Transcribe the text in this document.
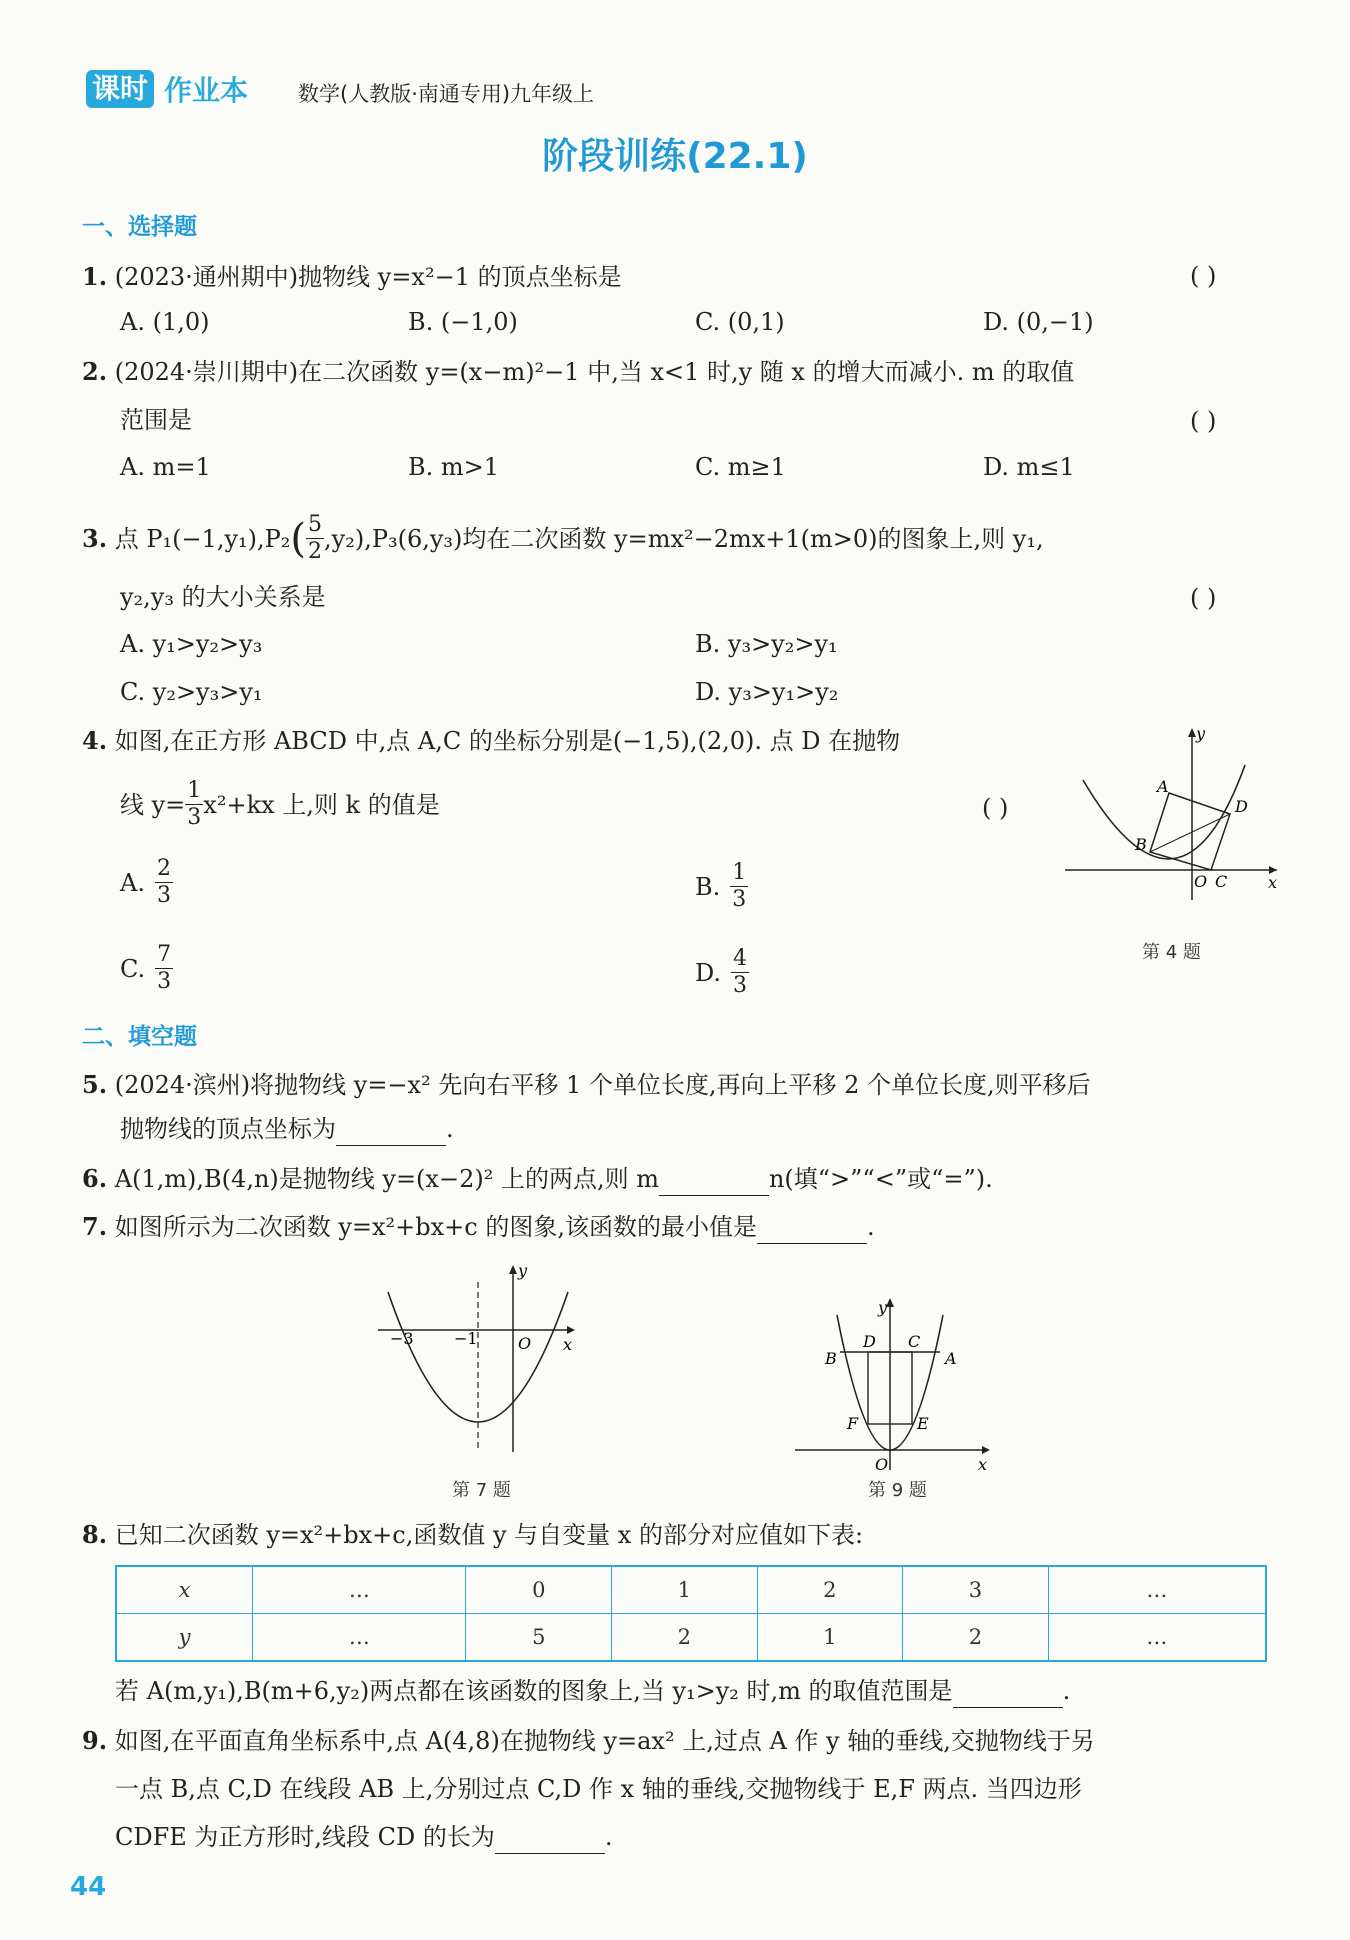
课时 作业本 数学(人教版·南通专用)九年级上
阶段训练(22.1)
一、选择题
1. (2023·通州期中)抛物线 y=x²−1 的顶点坐标是	( )
A. (1,0)	B. (−1,0)	C. (0,1)	D. (0,−1)
2. (2024·崇川期中)在二次函数 y=(x−m)²−1 中,当 x<1 时,y 随 x 的增大而减小. m 的取值
范围是	( )
A. m=1	B. m>1	C. m≥1	D. m≤1
3.
点 P₁(−1,y₁),P₂ ( $\frac{5}{2} ,y_2),P_3(6,y_3)$均在二次函数 y=mx²−2mx+1(m>0)的图象上,则 y₁,
y₂,y₃ 的大小关系是	( )
A. y₁>y₂>y₃	B. y₃>y₂>y₁
C. y₂>y₃>y₁	D. y₃>y₁>y₂
4. 如图,在正方形 ABCD 中,点 A,C 的坐标分别是(−1,5),(2,0). 点 D 在抛物
线 $y= \frac{1}{3} x^2+kx$ 上,则 k 的值是	( )
A. $\frac{2}{3}$	B. $\frac{1}{3}$
C. $\frac{7}{3}$	D. $\frac{4}{3}$
y
x
A
B
C
D
O
第 4 题
二、填空题
5. (2024·滨州)将抛物线 y=−x² 先向右平移 1 个单位长度,再向上平移 2 个单位长度,则平移后
抛物线的顶点坐标为	.
6. A(1,m),B(4,n)是抛物线 y=(x−2)² 上的两点,则 m	n(填“>”“<”或“=”).
7. 如图所示为二次函数 y=x²+bx+c 的图象,该函数的最小值是	.
y
x
−3	−1	O
第 7 题
y
x
B
D C
A
F	E
O
第 9 题
8. 已知二次函数 y=x²+bx+c,函数值 y 与自变量 x 的部分对应值如下表:
x	…	0	1	2	3	…
y	…	5	2	1	2	…
若 A(m,y₁),B(m+6,y₂)两点都在该函数的图象上,当 y₁>y₂ 时,m 的取值范围是	.
9. 如图,在平面直角坐标系中,点 A(4,8)在抛物线 y=ax² 上,过点 A 作 y 轴的垂线,交抛物线于另
一点 B,点 C,D 在线段 AB 上,分别过点 C,D 作 x 轴的垂线,交抛物线于 E,F 两点. 当四边形
CDFE 为正方形时,线段 CD 的长为	.
44
